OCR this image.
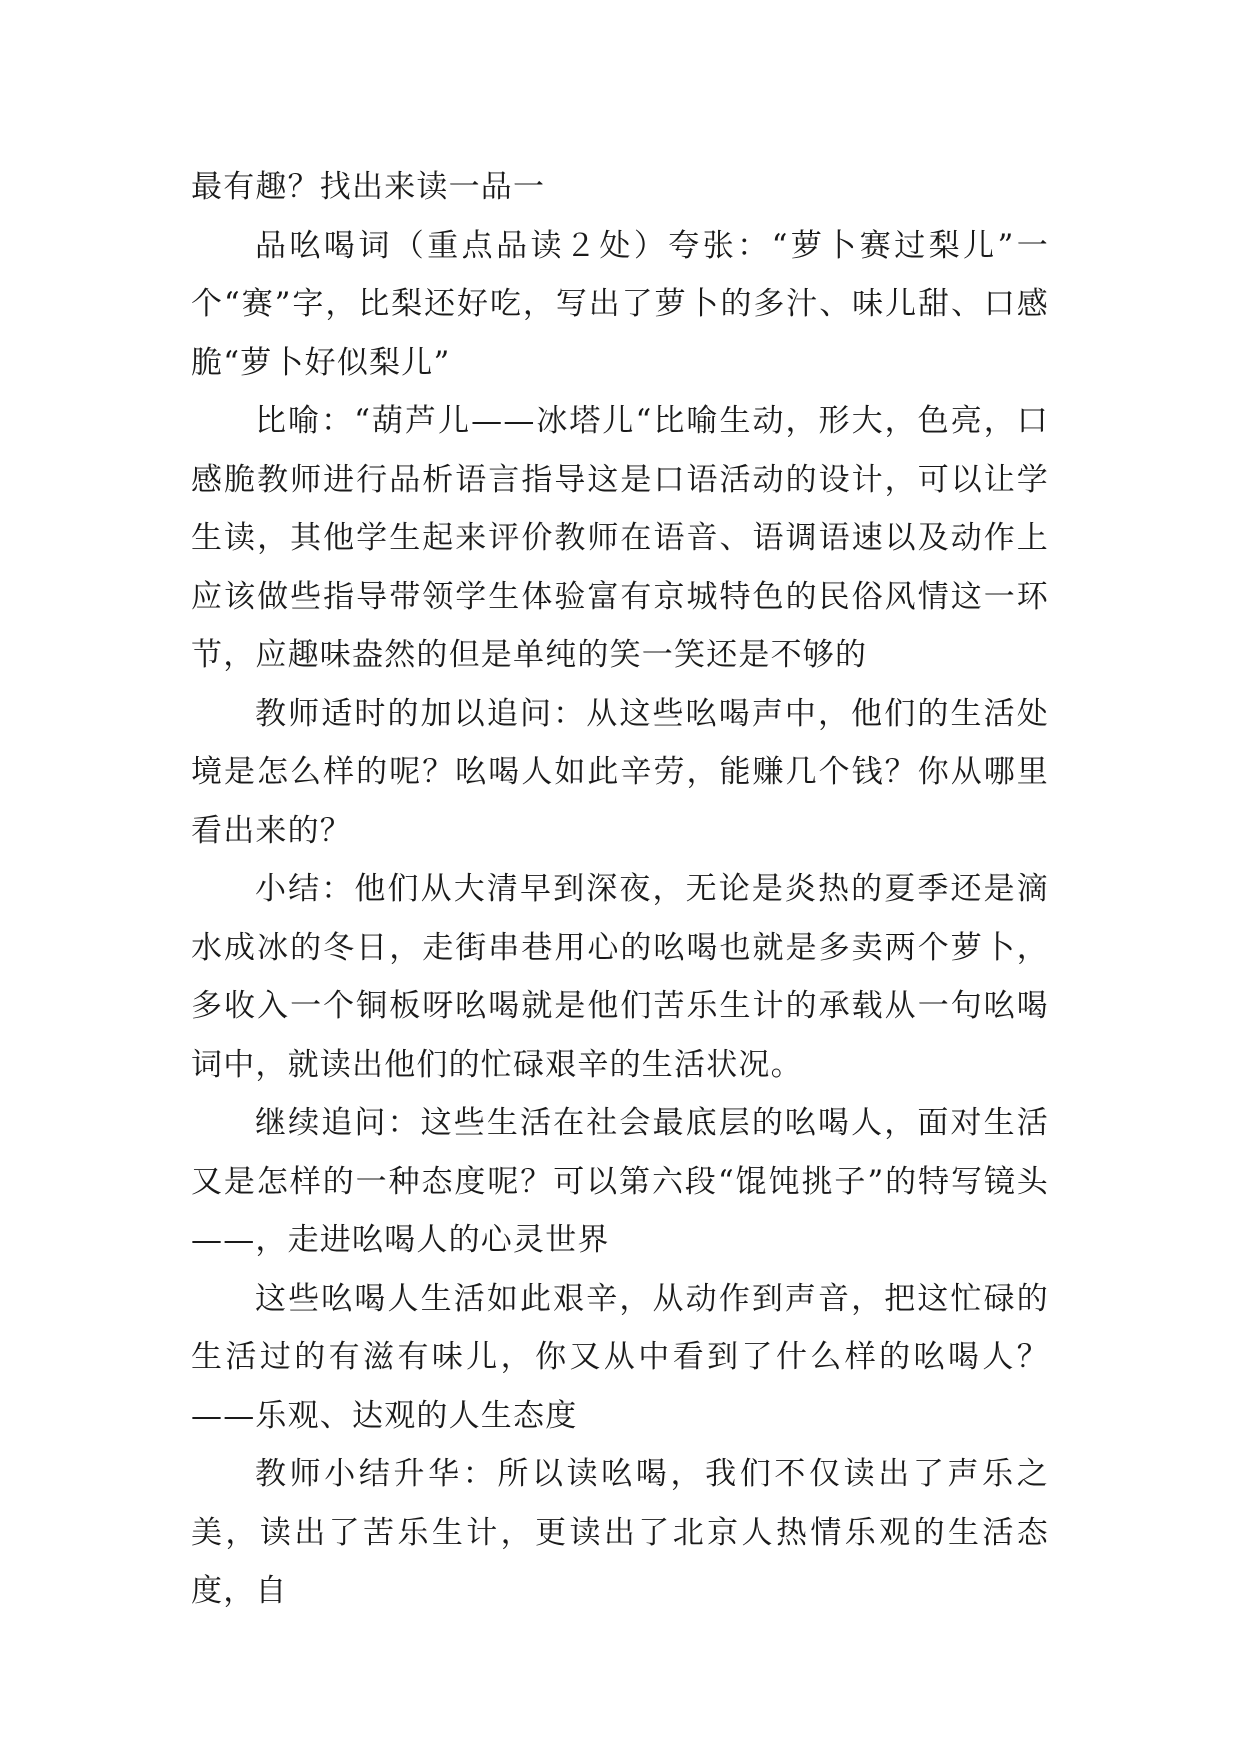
最有趣？找出来读一品一

品吆喝词（重点品读２处）夸张：“萝卜赛过梨儿”一个“赛”字，比梨还好吃，写出了萝卜的多汁、味儿甜、口感脆“萝卜好似梨儿”

比喻：“葫芦儿——冰塔儿“比喻生动，形大，色亮，口感脆教师进行品析语言指导这是口语活动的设计，可以让学生读，其他学生起来评价教师在语音、语调语速以及动作上应该做些指导带领学生体验富有京城特色的民俗风情这一环节，应趣味盎然的但是单纯的笑一笑还是不够的

教师适时的加以追问：从这些吆喝声中，他们的生活处境是怎么样的呢？吆喝人如此辛劳，能赚几个钱？你从哪里看出来的？

小结：他们从大清早到深夜，无论是炎热的夏季还是滴水成冰的冬日，走街串巷用心的吆喝也就是多卖两个萝卜，多收入一个铜板呀吆喝就是他们苦乐生计的承载从一句吆喝词中，就读出他们的忙碌艰辛的生活状况。

继续追问：这些生活在社会最底层的吆喝人，面对生活又是怎样的一种态度呢？可以第六段“馄饨挑子”的特写镜头——，走进吆喝人的心灵世界

这些吆喝人生活如此艰辛，从动作到声音，把这忙碌的生活过的有滋有味儿，你又从中看到了什么样的吆喝人？——乐观、达观的人生态度

教师小结升华：所以读吆喝，我们不仅读出了声乐之美，读出了苦乐生计，更读出了北京人热情乐观的生活态度，自
